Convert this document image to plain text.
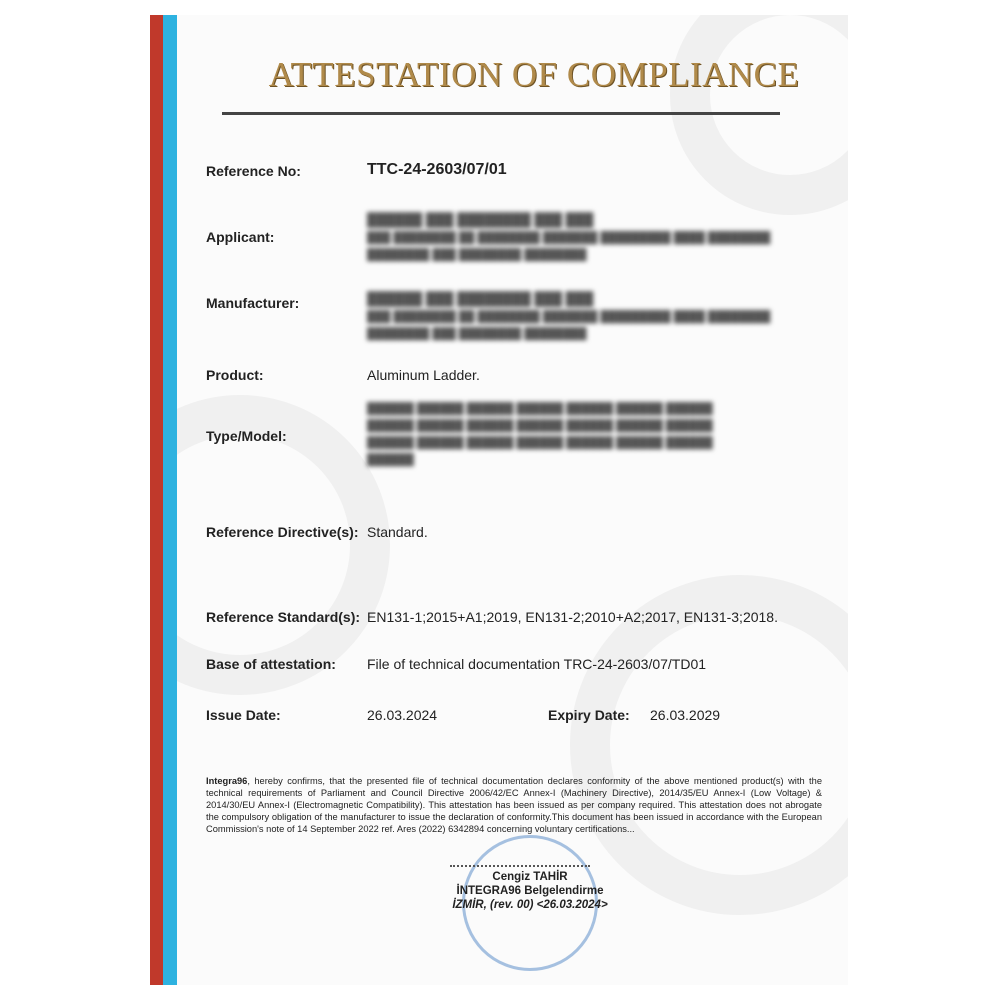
ATTESTATION OF COMPLIANCE
Reference No:	TTC-24-2603/07/01
Applicant:
██████ ███ ████████ ███ ███
███ ████████ ██ ████████ ███████ █████████ ████ ████████
████████ ███ ████████ ████████
Manufacturer:	██████ ███ ████████ ███ ███
███ ████████ ██ ████████ ███████ █████████ ████ ████████
████████ ███ ████████ ████████
Product:	Aluminum Ladder.
Type/Model:
██████ ██████ ██████ ██████ ██████ ██████ ██████
██████ ██████ ██████ ██████ ██████ ██████ ██████
██████ ██████ ██████ ██████ ██████ ██████ ██████
██████
Reference Directive(s): Standard.
Reference Standard(s): EN131-1;2015+A1;2019, EN131-2;2010+A2;2017, EN131-3;2018.
Base of attestation: File of technical documentation TRC-24-2603/07/TD01
Issue Date:	26.03.2024	Expiry Date: 26.03.2029
Integra96, hereby confirms, that the presented file of technical documentation declares conformity of the above mentioned product(s) with the technical requirements of Parliament and Council Directive 2006/42/EC Annex-I (Machinery Directive), 2014/35/EU Annex-I (Low Voltage) & 2014/30/EU Annex-I (Electromagnetic Compatibility). This attestation has been issued as per company required. This attestation does not abrogate the compulsory obligation of the manufacturer to issue the declaration of conformity.This document has been issued in accordance with the European Commission's note of 14 September 2022 ref. Ares (2022) 6342894 concerning voluntary certifications...
Cengiz TAHİR
İNTEGRA96 Belgelendirme
İZMİR, (rev. 00) <26.03.2024>
